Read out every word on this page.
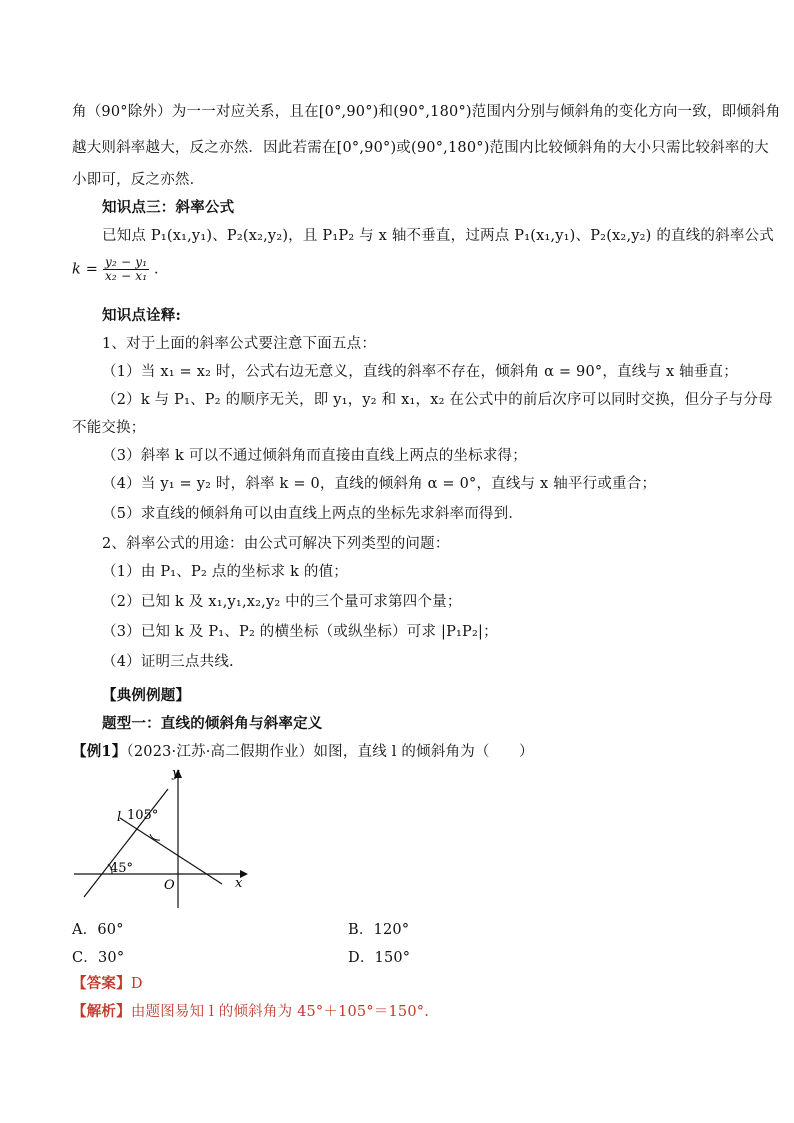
角（90°除外）为一一对应关系，且在[0°,90°)和(90°,180°)范围内分别与倾斜角的变化方向一致，即倾斜角
越大则斜率越大，反之亦然．因此若需在[0°,90°)或(90°,180°)范围内比较倾斜角的大小只需比较斜率的大
小即可，反之亦然．
知识点三：斜率公式
已知点 P₁(x₁,y₁)、P₂(x₂,y₂)，且 P₁P₂ 与 x 轴不垂直，过两点 P₁(x₁,y₁)、P₂(x₂,y₂) 的直线的斜率公式
$k = \frac{\text{y₂ − y₁}}{\text{x₂ − x₁}}$ ．
知识点诠释:
1、对于上面的斜率公式要注意下面五点：
（1）当 x₁ = x₂ 时，公式右边无意义，直线的斜率不存在，倾斜角 α = 90°，直线与 x 轴垂直；
（2）k 与 P₁、P₂ 的顺序无关，即 y₁，y₂ 和 x₁，x₂ 在公式中的前后次序可以同时交换，但分子与分母
不能交换；
（3）斜率 k 可以不通过倾斜角而直接由直线上两点的坐标求得；
（4）当 y₁ = y₂ 时，斜率 k = 0，直线的倾斜角 α = 0°，直线与 x 轴平行或重合；
（5）求直线的倾斜角可以由直线上两点的坐标先求斜率而得到．
2、斜率公式的用途：由公式可解决下列类型的问题：
（1）由 P₁、P₂ 点的坐标求 k 的值；
（2）已知 k 及 x₁,y₁,x₂,y₂ 中的三个量可求第四个量；
（3）已知 k 及 P₁、P₂ 的横坐标（或纵坐标）可求 |P₁P₂|；
（4）证明三点共线.
【典例例题】
题型一：直线的倾斜角与斜率定义
【例1】（2023·江苏·高二假期作业）如图，直线 l 的倾斜角为（　　）
y
x
O
l 105°
45°
A．60°	B．120°
C．30°	D．150°
【答案】D
【解析】由题图易知 l 的倾斜角为 45°＋105°＝150°.
